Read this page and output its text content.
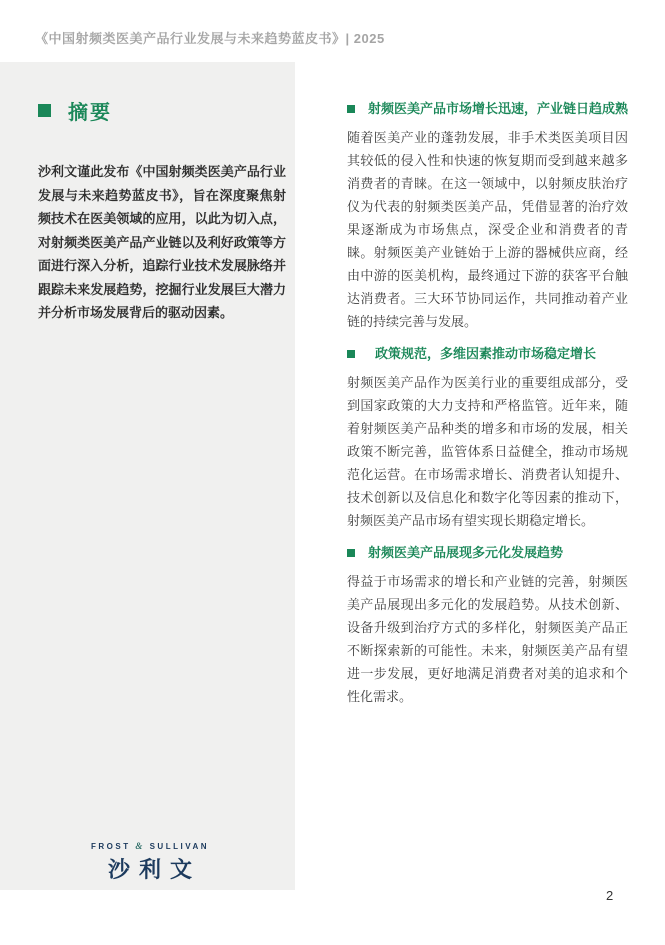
《中国射频类医美产品行业发展与未来趋势蓝皮书》| 2025
摘要
沙利文谨此发布《中国射频类医美产品行业发展与未来趋势蓝皮书》，旨在深度聚焦射频技术在医美领域的应用，以此为切入点，对射频类医美产品产业链以及利好政策等方面进行深入分析，追踪行业技术发展脉络并跟踪未来发展趋势，挖掘行业发展巨大潜力并分析市场发展背后的驱动因素。
射频医美产品市场增长迅速，产业链日趋成熟
随着医美产业的蓬勃发展，非手术类医美项目因其较低的侵入性和快速的恢复期而受到越来越多消费者的青睐。在这一领域中，以射频皮肤治疗仪为代表的射频类医美产品，凭借显著的治疗效果逐渐成为市场焦点，深受企业和消费者的青睐。射频医美产业链始于上游的器械供应商，经由中游的医美机构，最终通过下游的获客平台触达消费者。三大环节协同运作，共同推动着产业链的持续完善与发展。
政策规范，多维因素推动市场稳定增长
射频医美产品作为医美行业的重要组成部分，受到国家政策的大力支持和严格监管。近年来，随着射频医美产品种类的增多和市场的发展，相关政策不断完善，监管体系日益健全，推动市场规范化运营。在市场需求增长、消费者认知提升、技术创新以及信息化和数字化等因素的推动下，射频医美产品市场有望实现长期稳定增长。
射频医美产品展现多元化发展趋势
得益于市场需求的增长和产业链的完善，射频医美产品展现出多元化的发展趋势。从技术创新、设备升级到治疗方式的多样化，射频医美产品正不断探索新的可能性。未来，射频医美产品有望进一步发展，更好地满足消费者对美的追求和个性化需求。
FROST & SULLIVAN
沙利文
2
